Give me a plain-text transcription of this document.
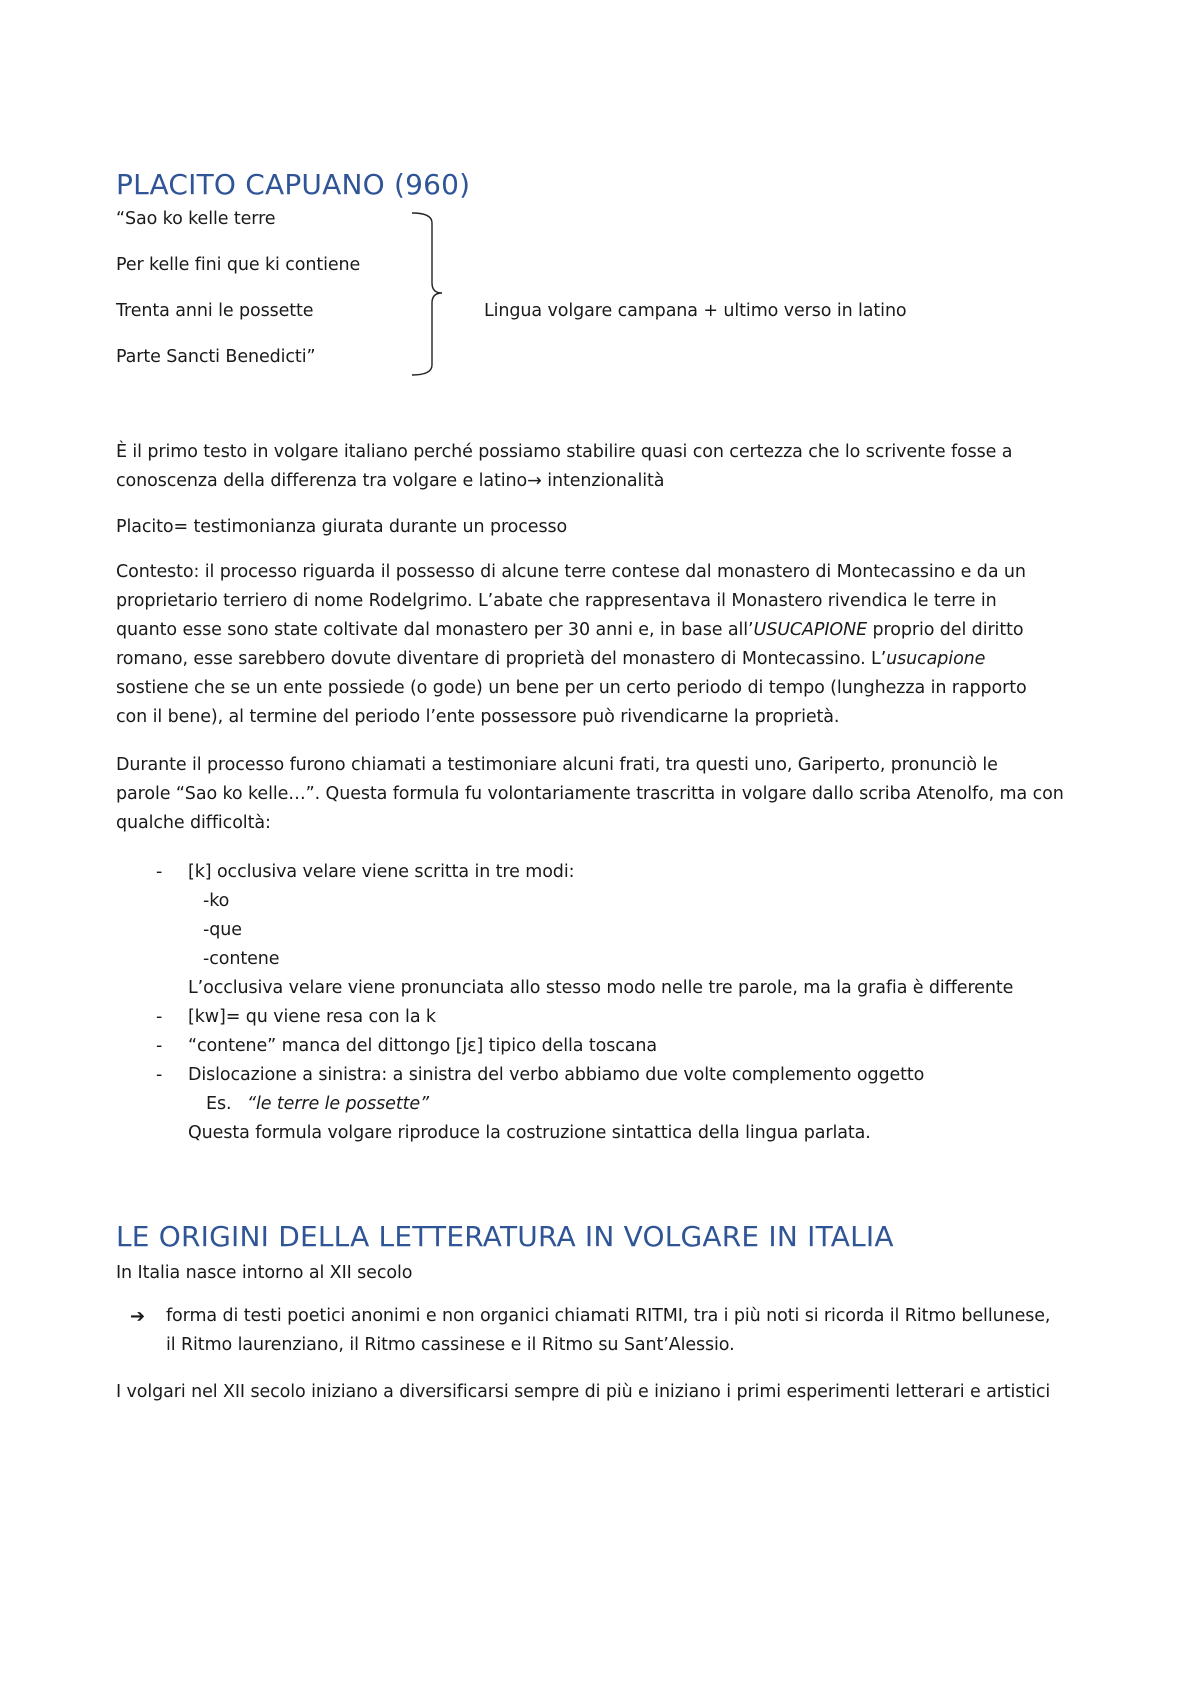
PLACITO CAPUANO (960)
“Sao ko kelle terre
Per kelle fini que ki contiene
Trenta anni le possette
Parte Sancti Benedicti”
Lingua volgare campana + ultimo verso in latino

È il primo testo in volgare italiano perché possiamo stabilire quasi con certezza che lo scrivente fosse a

conoscenza della differenza tra volgare e latino→ intenzionalità

Placito= testimonianza giurata durante un processo

Contesto: il processo riguarda il possesso di alcune terre contese dal monastero di Montecassino e da un

proprietario terriero di nome Rodelgrimo. L’abate che rappresentava il Monastero rivendica le terre in

quanto esse sono state coltivate dal monastero per 30 anni e, in base all’USUCAPIONE proprio del diritto

romano, esse sarebbero dovute diventare di proprietà del monastero di Montecassino. L’usucapione

sostiene che se un ente possiede (o gode) un bene per un certo periodo di tempo (lunghezza in rapporto

con il bene), al termine del periodo l’ente possessore può rivendicarne la proprietà.

Durante il processo furono chiamati a testimoniare alcuni frati, tra questi uno, Gariperto, pronunciò le

parole “Sao ko kelle…”. Questa formula fu volontariamente trascritta in volgare dallo scriba Atenolfo, ma con

qualche difficoltà:

- [k] occlusiva velare viene scritta in tre modi:
-ko
-que
-contene
L’occlusiva velare viene pronunciata allo stesso modo nelle tre parole, ma la grafia è differente
- [kw]= qu viene resa con la k
- “contene” manca del dittongo [jɛ] tipico della toscana
- Dislocazione a sinistra: a sinistra del verbo abbiamo due volte complemento oggetto
Es. “le terre le possette”
Questa formula volgare riproduce la costruzione sintattica della lingua parlata.
LE ORIGINI DELLA LETTERATURA IN VOLGARE IN ITALIA
In Italia nasce intorno al XII secolo
➔ forma di testi poetici anonimi e non organici chiamati RITMI, tra i più noti si ricorda il Ritmo bellunese,

il Ritmo laurenziano, il Ritmo cassinese e il Ritmo su Sant’Alessio.

I volgari nel XII secolo iniziano a diversificarsi sempre di più e iniziano i primi esperimenti letterari e artistici
